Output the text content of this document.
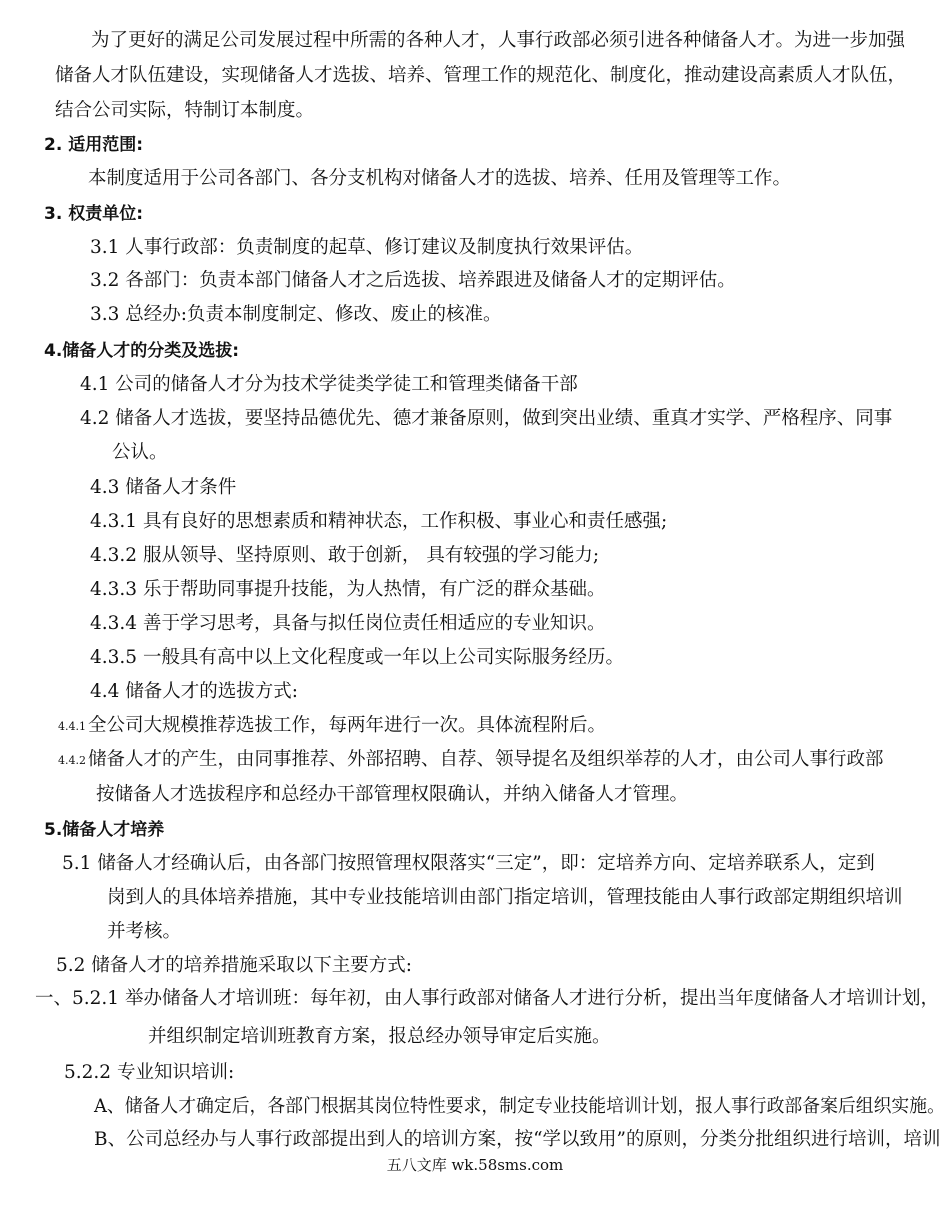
为了更好的满足公司发展过程中所需的各种人才，人事行政部必须引进各种储备人才。为进一步加强
储备人才队伍建设，实现储备人才选拔、培养、管理工作的规范化、制度化，推动建设高素质人才队伍，
结合公司实际，特制订本制度。
2. 适用范围:
本制度适用于公司各部门、各分支机构对储备人才的选拔、培养、任用及管理等工作。
3. 权责单位:
3.1 人事行政部：负责制度的起草、修订建议及制度执行效果评估。
3.2 各部门：负责本部门储备人才之后选拔、培养跟进及储备人才的定期评估。
3.3 总经办:负责本制度制定、修改、废止的核准。
4.储备人才的分类及选拔:
4.1 公司的储备人才分为技术学徒类学徒工和管理类储备干部
4.2 储备人才选拔，要坚持品德优先、德才兼备原则，做到突出业绩、重真才实学、严格程序、同事
公认。
4.3 储备人才条件
4.3.1 具有良好的思想素质和精神状态，工作积极、事业心和责任感强;
4.3.2 服从领导、坚持原则、敢于创新， 具有较强的学习能力;
4.3.3 乐于帮助同事提升技能，为人热情，有广泛的群众基础。
4.3.4 善于学习思考，具备与拟任岗位责任相适应的专业知识。
4.3.5 一般具有高中以上文化程度或一年以上公司实际服务经历。
4.4 储备人才的选拔方式:
4.4.1 全公司大规模推荐选拔工作，每两年进行一次。具体流程附后。
4.4.2 储备人才的产生，由同事推荐、外部招聘、自荐、领导提名及组织举荐的人才，由公司人事行政部
按储备人才选拔程序和总经办干部管理权限确认，并纳入储备人才管理。
5.储备人才培养
5.1 储备人才经确认后，由各部门按照管理权限落实“三定”，即：定培养方向、定培养联系人，定到
岗到人的具体培养措施，其中专业技能培训由部门指定培训，管理技能由人事行政部定期组织培训
并考核。
5.2 储备人才的培养措施采取以下主要方式:
一、5.2.1 举办储备人才培训班：每年初，由人事行政部对储备人才进行分析，提出当年度储备人才培训计划，
并组织制定培训班教育方案，报总经办领导审定后实施。
5.2.2 专业知识培训:
A、储备人才确定后，各部门根据其岗位特性要求，制定专业技能培训计划，报人事行政部备案后组织实施。
B、公司总经办与人事行政部提出到人的培训方案，按“学以致用”的原则，分类分批组织进行培训，培训
五八文库 wk.58sms.com
